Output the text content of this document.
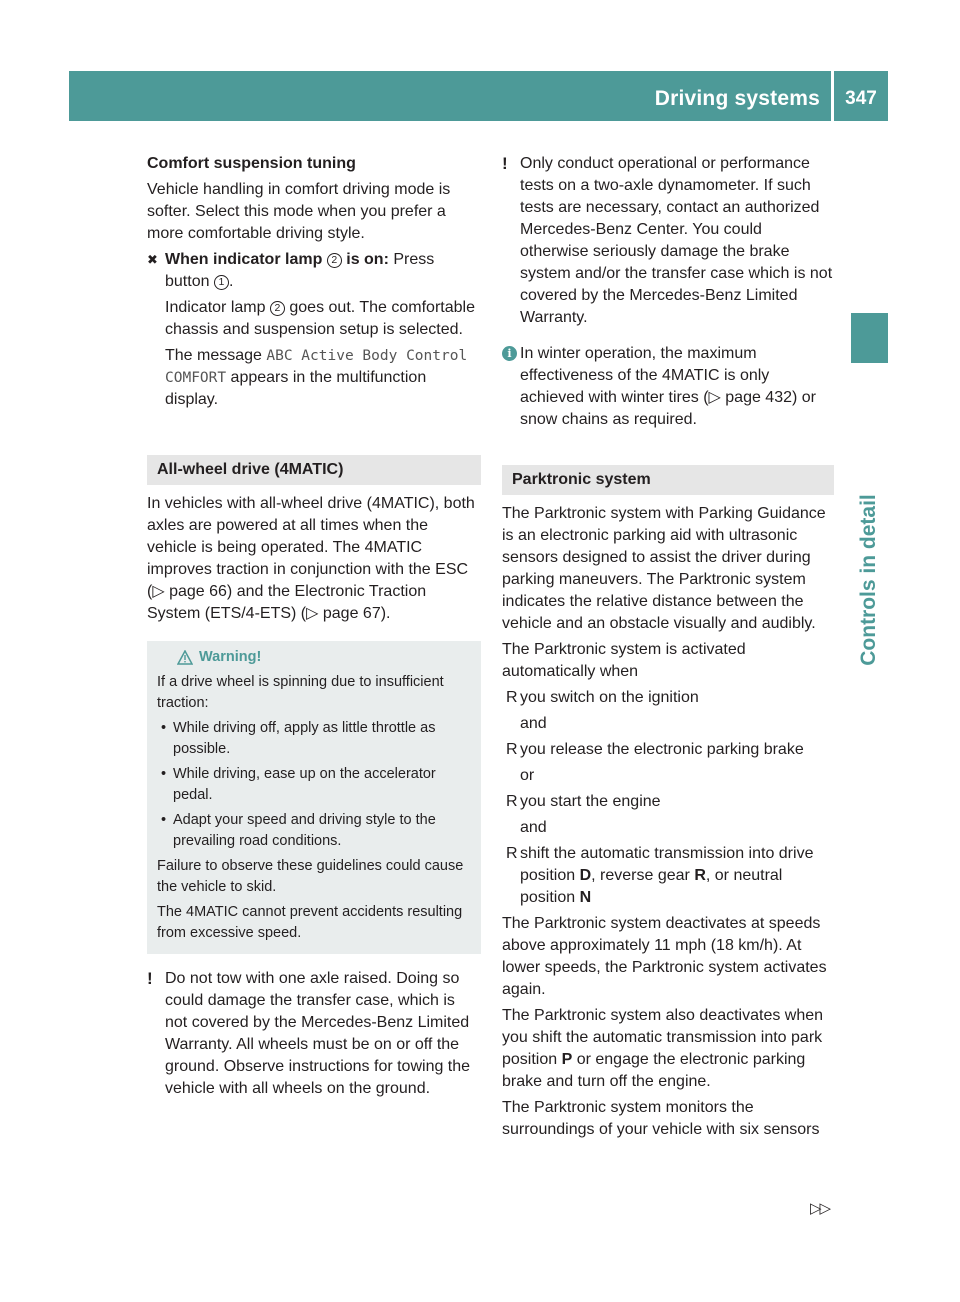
Driving systems	347
Controls in detail

Comfort suspension tuning

Vehicle handling in comfort driving mode is softer. Select this mode when you prefer a more comfortable driving style.

✖ When indicator lamp 2 is on: Press button 1 .

Indicator lamp 2 goes out. The comfortable chassis and suspension setup is selected.

The message ABC Active Body Control COMFORT appears in the multifunction display.

All-wheel drive (4MATIC)

In vehicles with all-wheel drive (4MATIC), both axles are powered at all times when the vehicle is being operated. The 4MATIC improves traction in conjunction with the ESC (▷ page 66) and the Electronic Traction System (ETS/4-ETS) (▷ page 67).

Warning!

If a drive wheel is spinning due to insufficient traction:

• While driving off, apply as little throttle as possible.

• While driving, ease up on the accelerator pedal.

• Adapt your speed and driving style to the prevailing road conditions.

Failure to observe these guidelines could cause the vehicle to skid.

The 4MATIC cannot prevent accidents resulting from excessive speed.

! Do not tow with one axle raised. Doing so could damage the transfer case, which is not covered by the Mercedes-Benz Limited Warranty. All wheels must be on or off the ground. Observe instructions for towing the vehicle with all wheels on the ground.

! Only conduct operational or performance tests on a two-axle dynamometer. If such tests are necessary, contact an authorized Mercedes-Benz Center. You could otherwise seriously damage the brake system and/or the transfer case which is not covered by the Mercedes-Benz Limited Warranty.

i In winter operation, the maximum effectiveness of the 4MATIC is only achieved with winter tires (▷ page 432) or snow chains as required.

Parktronic system

The Parktronic system with Parking Guidance is an electronic parking aid with ultrasonic sensors designed to assist the driver during parking maneuvers. The Parktronic system indicates the relative distance between the vehicle and an obstacle visually and audibly.

The Parktronic system is activated automatically when

R you switch on the ignition

and

R you release the electronic parking brake

or

R you start the engine

and

R shift the automatic transmission into drive position D, reverse gear R, or neutral position N

The Parktronic system deactivates at speeds above approximately 11 mph (18 km/h). At lower speeds, the Parktronic system activates again.

The Parktronic system also deactivates when you shift the automatic transmission into park position P or engage the electronic parking brake and turn off the engine.

The Parktronic system monitors the surroundings of your vehicle with six sensors

▷▷
